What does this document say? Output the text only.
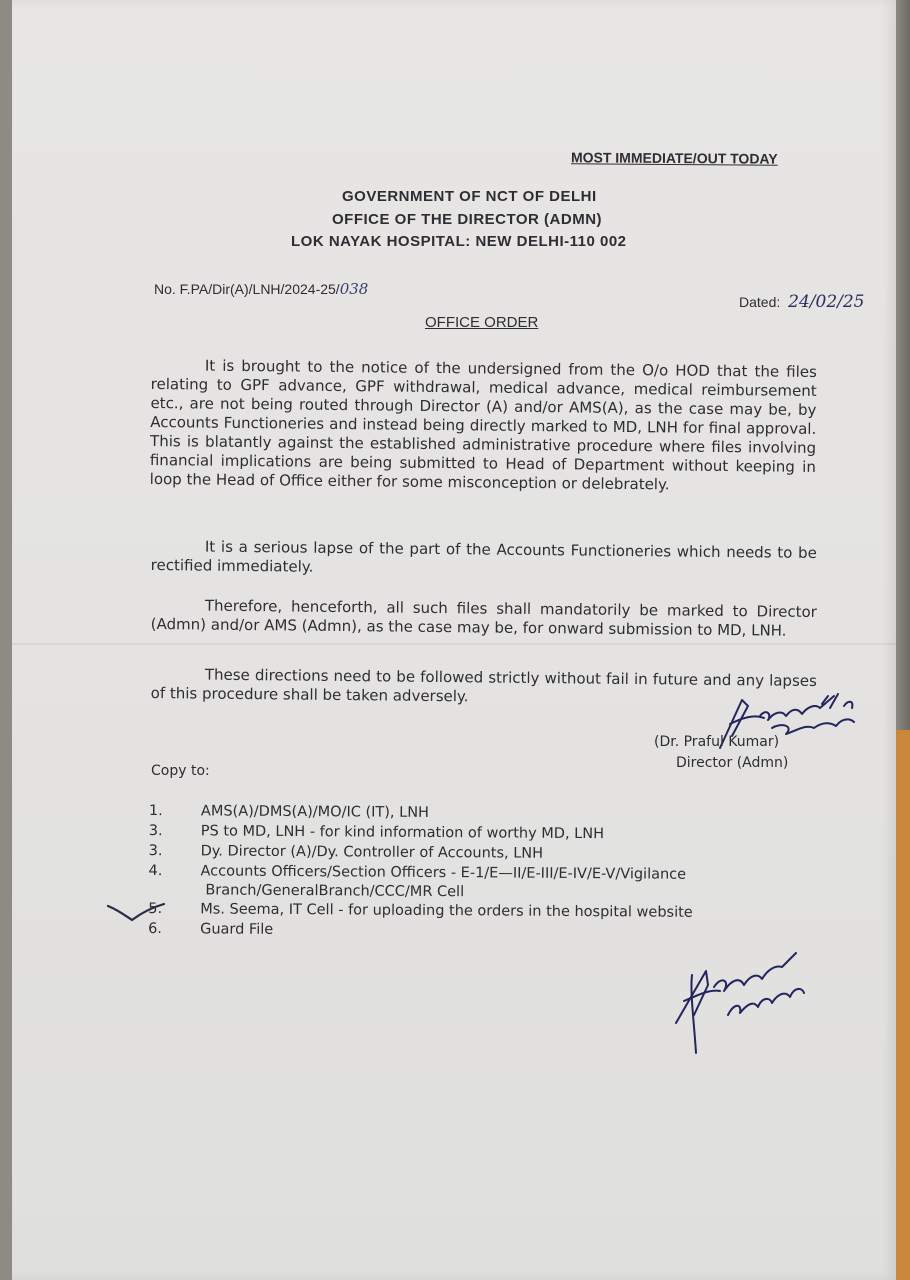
MOST IMMEDIATE/OUT TODAY
GOVERNMENT OF NCT OF DELHI
OFFICE OF THE DIRECTOR (ADMN)
LOK NAYAK HOSPITAL: NEW DELHI-110 002
No. F.PA/Dir(A)/LNH/2024-25/038
Dated: 24/02/25
OFFICE ORDER
It is brought to the notice of the undersigned from the O/o HOD that the files relating to GPF advance, GPF withdrawal, medical advance, medical reimbursement etc., are not being routed through Director (A) and/or AMS(A), as the case may be, by Accounts Functioneries and instead being directly marked to MD, LNH for final approval. This is blatantly against the established administrative procedure where files involving financial implications are being submitted to Head of Department without keeping in loop the Head of Office either for some misconception or delebrately.
It is a serious lapse of the part of the Accounts Functioneries which needs to be rectified immediately.
Therefore, henceforth, all such files shall mandatorily be marked to Director (Admn) and/or AMS (Admn), as the case may be, for onward submission to MD, LNH.
These directions need to be followed strictly without fail in future and any lapses of this procedure shall be taken adversely.
(Dr. Praful Kumar)
Director (Admn)
Copy to:
1.	AMS(A)/DMS(A)/MO/IC (IT), LNH
3.	PS to MD, LNH - for kind information of worthy MD, LNH
3.	Dy. Director (A)/Dy. Controller of Accounts, LNH
4.	Accounts Officers/Section Officers - E-1/E—II/E-III/E-IV/E-V/Vigilance
Branch/GeneralBranch/CCC/MR Cell
5.	Ms. Seema, IT Cell - for uploading the orders in the hospital website
6.	Guard File
